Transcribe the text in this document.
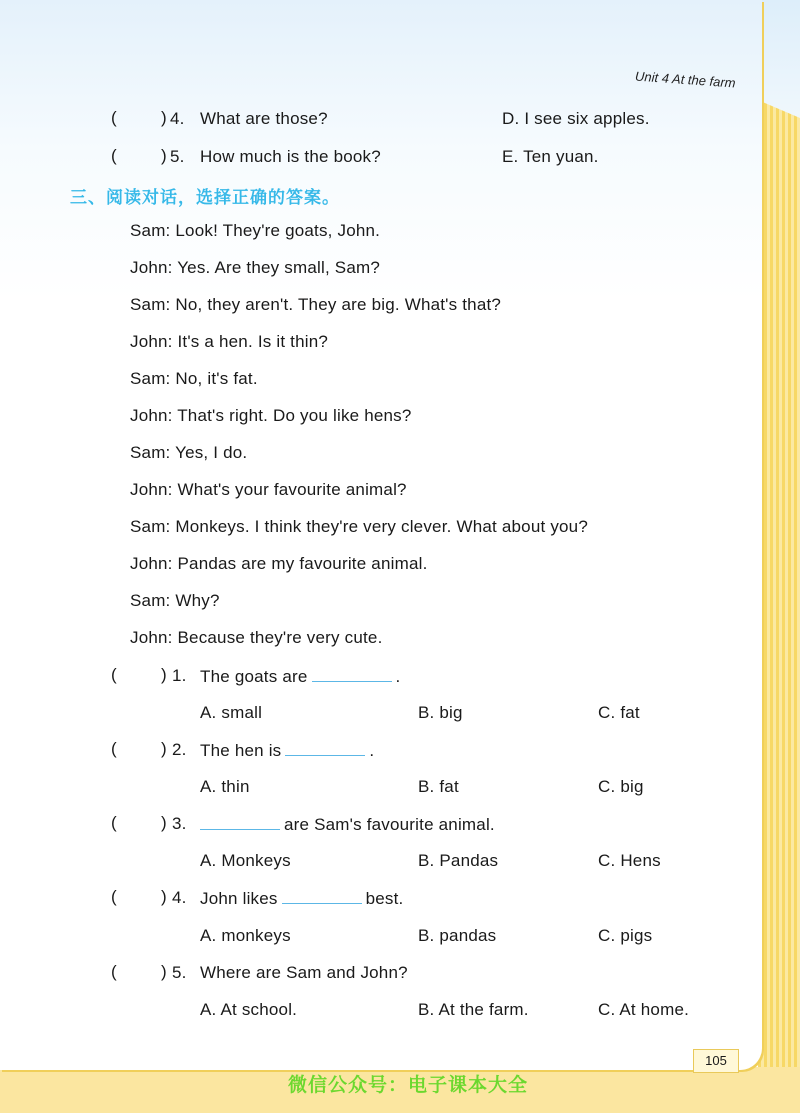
Unit 4 At the farm
(	) 4. What are those?	D. I see six apples.
(	) 5. How much is the book?	E. Ten yuan.
三、阅读对话，选择正确的答案。
Sam: Look! They're goats, John.
John: Yes. Are they small, Sam?
Sam: No, they aren't. They are big. What's that?
John: It's a hen. Is it thin?
Sam: No, it's fat.
John: That's right. Do you like hens?
Sam: Yes, I do.
John: What's your favourite animal?
Sam: Monkeys. I think they're very clever. What about you?
John: Pandas are my favourite animal.
Sam: Why?
John: Because they're very cute.
(	) 1. The goats are	.
A. small	B. big	C. fat
(	) 2. The hen is	.
A. thin	B. fat	C. big
(	) 3.	are Sam's favourite animal.
A. Monkeys	B. Pandas	C. Hens
(	) 4. John likes	best.
A. monkeys	B. pandas	C. pigs
(	) 5. Where are Sam and John?
A. At school.	B. At the farm.	C. At home.
105
微信公众号：电子课本大全
